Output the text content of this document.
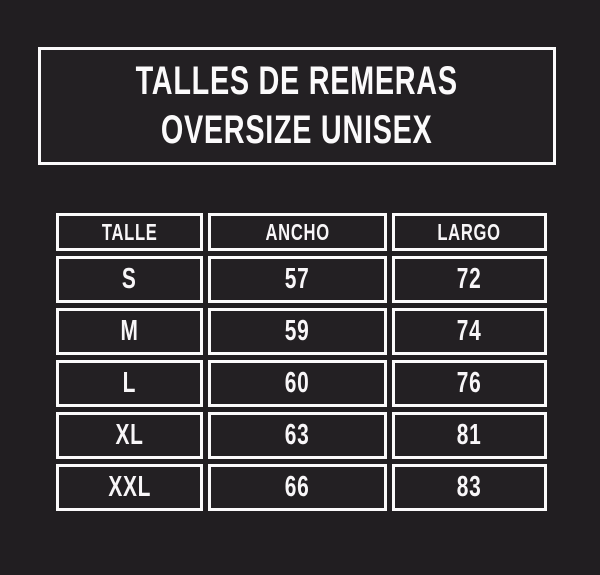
TALLES DE REMERAS
OVERSIZE UNISEX
TALLE	ANCHO	LARGO
S	57	72
M	59	74
L	60	76
XL	63	81
XXL	66	83
